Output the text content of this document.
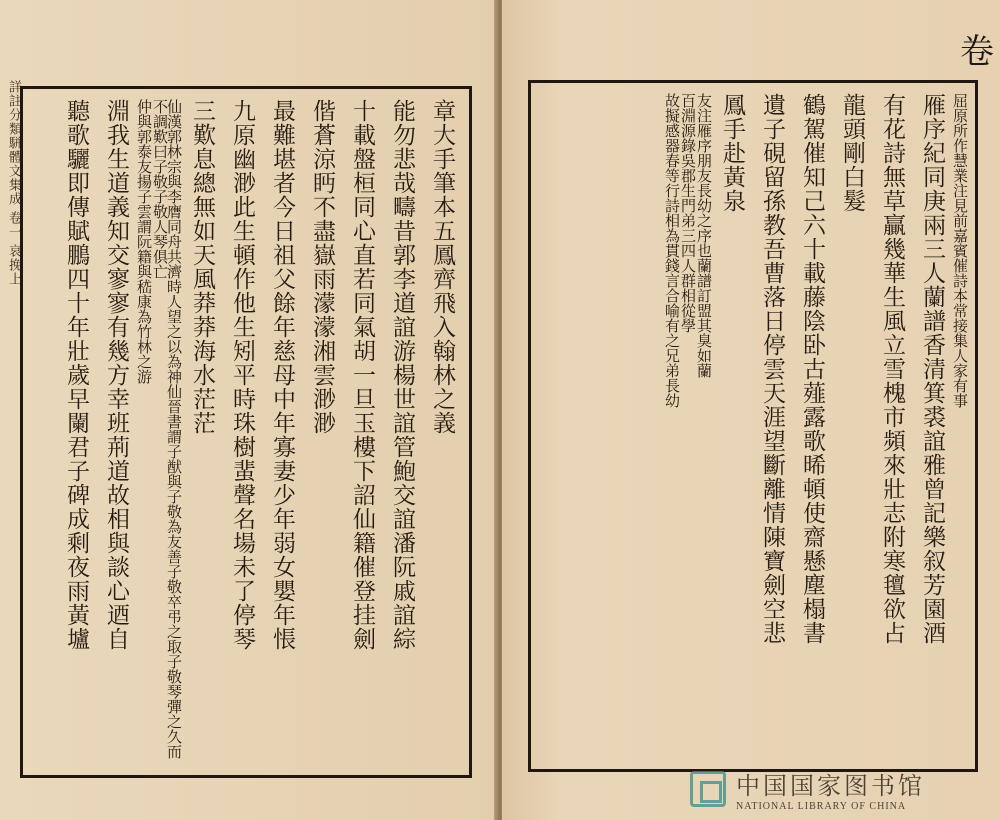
詳註分類駢體文集成 卷一 哀挽上	章大手筆本五鳳齊飛入翰林之義
能勿悲哉疇昔郭李道誼游楊世誼管鮑交誼潘阮戚誼綜
十載盤桓同心直若同氣胡一旦玉樓下詔仙籍催登挂劍
偕蒼涼眄不盡嶽雨濛濛湘雲渺渺
最難堪者今日祖父餘年慈母中年寡妻少年弱女嬰年悵
九原幽渺此生頓作他生矧平時珠樹蜚聲名場未了停琴
三歎息總無如天風莽莽海水茫茫
仙漢郭林宗與李膺同舟共濟時人望之以為神仙晉書謂子猷與子敬為友善子敬卒弔之取子敬琴彈之久而不調歎曰子敬子敬人琴俱亡
仲與郭泰友揚子雲謂阮籍與嵇康為竹林之游
淵我生道義知交寥寥有幾方幸班荊道故相與談心迺自
聽歌驪即傳賦鵬四十年壯歲早闌君子碑成剩夜雨黃壚
卷
屈原所作慧業注見前嘉賓催詩本常接集人家有事
雁序紀同庚兩三人蘭譜香清箕裘誼雅曾記樂叙芳園酒
有花詩無草贏幾華生風立雪槐市頻來壯志附寒氊欲占
龍頭剛白髮
鶴駕催知己六十載藤陰卧古薤露歌晞頓使齋懸塵榻書
遺子硯留孫教吾曹落日停雲天涯望斷離情陳寶劍空悲
鳳手赴黃泉
友注雁序朋友長幼之序也蘭譜訂盟其臭如蘭
百淵源錄吳郡生門弟三四人群相從學
故擬感器春等行詩相為貫錢言合喻有之兄弟長幼
中国国家图书馆
NATIONAL LIBRARY OF CHINA
